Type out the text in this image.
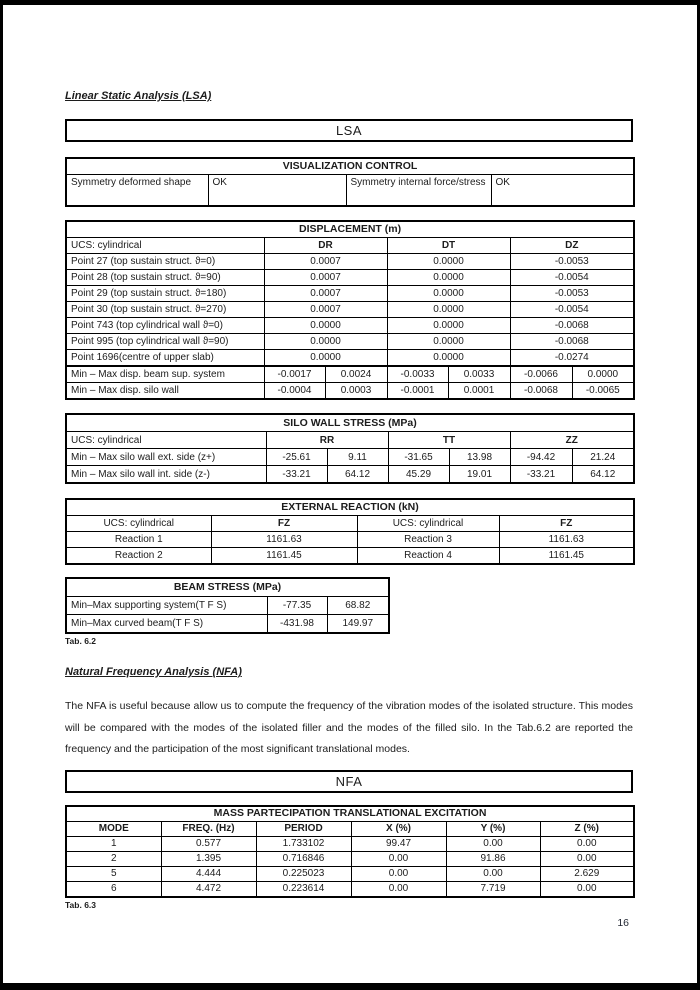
Linear Static Analysis (LSA)
LSA
VISUALIZATION CONTROL
Symmetry deformed shape	OK	Symmetry internal force/stress	OK
DISPLACEMENT (m)						
UCS: cylindrical	DR		DT		DZ	
Point 27 (top sustain struct. ϑ=0)	0.0007		0.0000		-0.0053	
Point 28 (top sustain struct. ϑ=90)	0.0007		0.0000		-0.0054	
Point 29 (top sustain struct. ϑ=180)	0.0007		0.0000		-0.0053	
Point 30 (top sustain struct. ϑ=270)	0.0007		0.0000		-0.0054	
Point 743 (top cylindrical wall ϑ=0)	0.0000		0.0000		-0.0068	
Point 995 (top cylindrical wall ϑ=90)	0.0000		0.0000		-0.0068	
Point 1696(centre of upper slab)	0.0000		0.0000		-0.0274	
Min – Max disp. beam sup. system	-0.0017	0.0024	-0.0033	0.0033	-0.0066	0.0000
Min – Max disp. silo wall	-0.0004	0.0003	-0.0001	0.0001	-0.0068	-0.0065
SILO WALL STRESS (MPa)						
UCS: cylindrical	RR		TT		ZZ	
Min – Max silo wall ext. side (z+)	-25.61	9.11	-31.65	13.98	-94.42	21.24
Min – Max silo wall int. side (z-)	-33.21	64.12	45.29	19.01	-33.21	64.12
EXTERNAL REACTION (kN)			
UCS: cylindrical	FZ	UCS: cylindrical	FZ
Reaction 1	1161.63	Reaction 3	1161.63
Reaction 2	1161.45	Reaction 4	1161.45
BEAM STRESS (MPa)		
Min–Max supporting system(T F S)	-77.35	68.82
Min–Max curved beam(T F S)	-431.98	149.97
Tab. 6.2
Natural Frequency Analysis (NFA)
The NFA is useful because allow us to compute the frequency of the vibration modes of the isolated structure. This modes will be compared with the modes of the isolated filler and the modes of the filled silo. In the Tab.6.2 are reported the frequency and the participation of the most significant translational modes.
NFA
MASS PARTECIPATION TRANSLATIONAL EXCITATION					
MODE	FREQ. (Hz)	PERIOD	X (%)	Y (%)	Z (%)
1	0.577	1.733102	99.47	0.00	0.00
2	1.395	0.716846	0.00	91.86	0.00
5	4.444	0.225023	0.00	0.00	2.629
6	4.472	0.223614	0.00	7.719	0.00
Tab. 6.3
16
